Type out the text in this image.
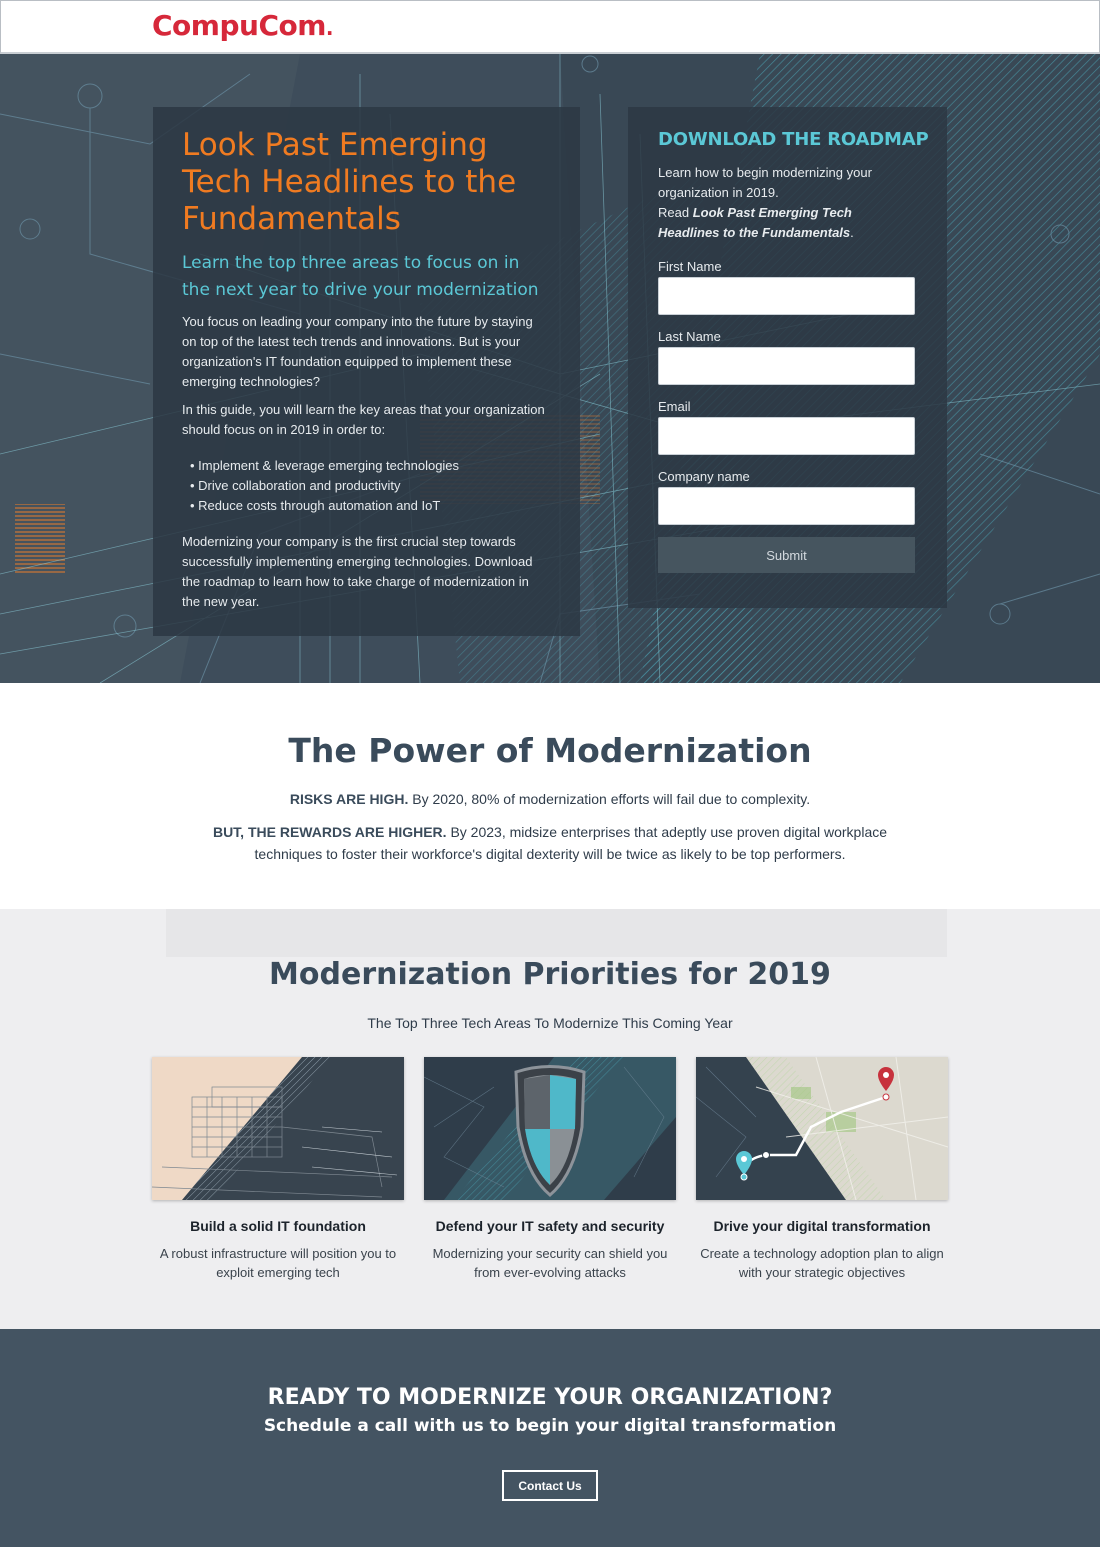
CompuCom.
Look Past Emerging Tech Headlines to the Fundamentals

Learn the top three areas to focus on in the next year to drive your modernization

You focus on leading your company into the future by staying on top of the latest tech trends and innovations. But is your organization's IT foundation equipped to implement these emerging technologies?

In this guide, you will learn the key areas that your organization should focus on in 2019 in order to:

• Implement & leverage emerging technologies
• Drive collaboration and productivity
• Reduce costs through automation and IoT

Modernizing your company is the first crucial step towards successfully implementing emerging technologies. Download the roadmap to learn how to take charge of modernization in the new year.

DOWNLOAD THE ROADMAP

Learn how to begin modernizing your organization in 2019.
Read Look Past Emerging Tech Headlines to the Fundamentals.

First Name
Last Name
Email
Company name
Submit
The Power of Modernization

RISKS ARE HIGH. By 2020, 80% of modernization efforts will fail due to complexity.

BUT, THE REWARDS ARE HIGHER. By 2023, midsize enterprises that adeptly use proven digital workplace techniques to foster their workforce's digital dexterity will be twice as likely to be top performers.

Modernization Priorities for 2019

The Top Three Tech Areas To Modernize This Coming Year

Build a solid IT foundation
A robust infrastructure will position you to exploit emerging tech
Defend your IT safety and security
Modernizing your security can shield you from ever-evolving attacks
Drive your digital transformation
Create a technology adoption plan to align with your strategic objectives
READY TO MODERNIZE YOUR ORGANIZATION?

Schedule a call with us to begin your digital transformation

Contact Us
